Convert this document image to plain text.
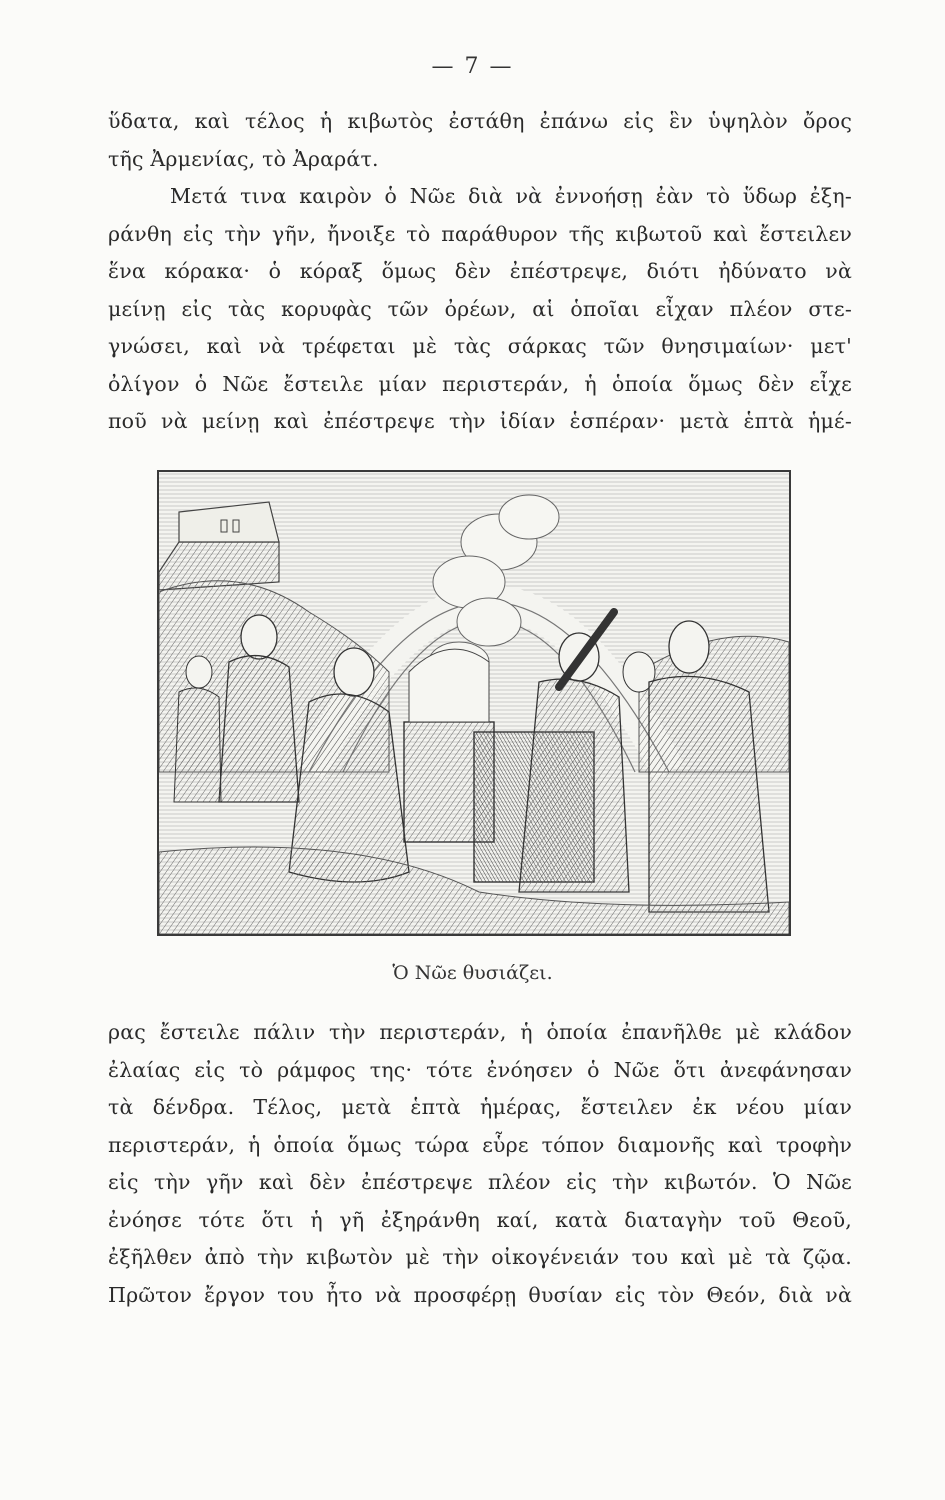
— 7 —
ὕδατα, καὶ τέλος ἡ κιβωτὸς ἐστάθη ἐπάνω εἰς ἓν ὑψηλὸν ὄρος
τῆς Ἀρμενίας, τὸ Ἀραράτ.
Μετά τινα καιρὸν ὁ Νῶε διὰ νὰ ἐννοήσῃ ἐὰν τὸ ὕδωρ ἐξη-
ράνθη εἰς τὴν γῆν, ἤνοιξε τὸ παράθυρον τῆς κιβωτοῦ καὶ ἔστειλεν
ἕνα κόρακα· ὁ κόραξ ὅμως δὲν ἐπέστρεψε, διότι ἠδύνατο νὰ
μείνῃ εἰς τὰς κορυφὰς τῶν ὀρέων, αἱ ὁποῖαι εἶχαν πλέον στε-
γνώσει, καὶ νὰ τρέφεται μὲ τὰς σάρκας τῶν θνησιμαίων· μετ'
ὀλίγον ὁ Νῶε ἔστειλε μίαν περιστεράν, ἡ ὁποία ὅμως δὲν εἶχε
ποῦ νὰ μείνῃ καὶ ἐπέστρεψε τὴν ἰδίαν ἑσπέραν· μετὰ ἑπτὰ ἡμέ-
Ὁ Νῶε θυσιάζει.
ρας ἔστειλε πάλιν τὴν περιστεράν, ἡ ὁποία ἐπανῆλθε μὲ κλάδον
ἐλαίας εἰς τὸ ράμφος της· τότε ἐνόησεν ὁ Νῶε ὅτι ἀνεφάνησαν
τὰ δένδρα. Τέλος, μετὰ ἑπτὰ ἡμέρας, ἔστειλεν ἐκ νέου μίαν
περιστεράν, ἡ ὁποία ὅμως τώρα εὗρε τόπον διαμονῆς καὶ τροφὴν
εἰς τὴν γῆν καὶ δὲν ἐπέστρεψε πλέον εἰς τὴν κιβωτόν. Ὁ Νῶε
ἐνόησε τότε ὅτι ἡ γῆ ἐξηράνθη καί, κατὰ διαταγὴν τοῦ Θεοῦ,
ἐξῆλθεν ἀπὸ τὴν κιβωτὸν μὲ τὴν οἰκογένειάν του καὶ μὲ τὰ ζῷα.
Πρῶτον ἔργον του ἦτο νὰ προσφέρῃ θυσίαν εἰς τὸν Θεόν, διὰ νὰ
